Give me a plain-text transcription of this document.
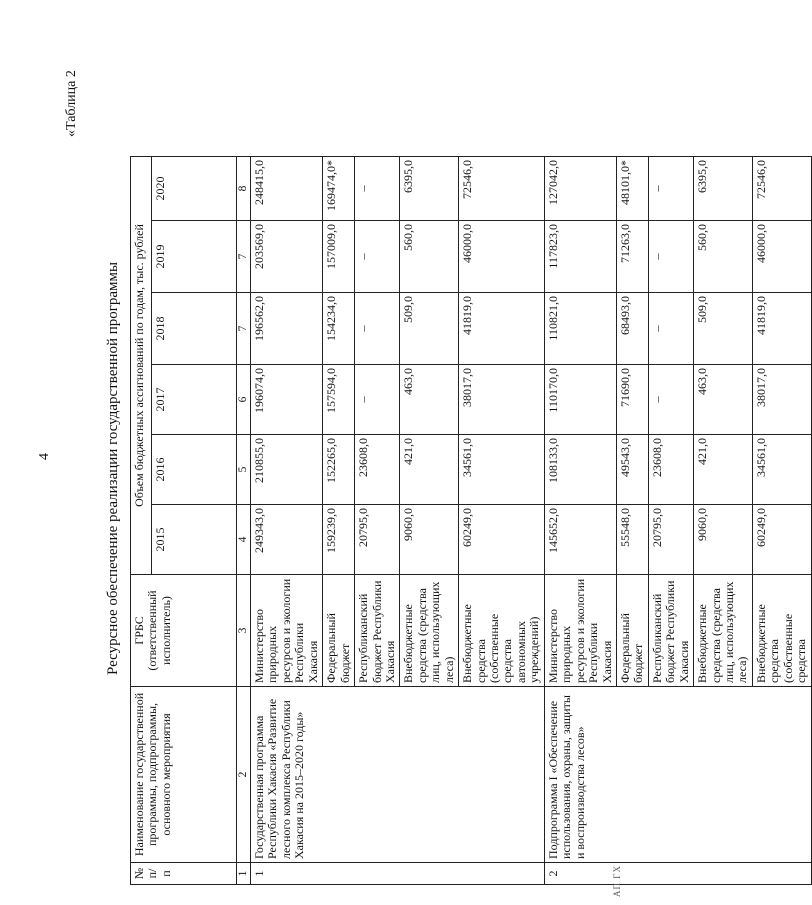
4
«Таблица 2
Ресурсное обеспечение реализации государственной программы
№ п/п	Наименование государственной программы, подпрограммы, основного мероприятия	ГРБС (ответственный исполнитель)	Объем бюджетных ассигнований по годам, тыс. рублей					
			2015	2016	2017	2018	2019	2020
1	2	3	4	5	6	7	7	8
1	Государственная программа Республики Хакасия «Развитие лесного комплекса Республики Хакасия на 2015–2020 годы»	Министерство природных ресурсов и экологии Республики Хакасия	249343,0	210855,0	196074,0	196562,0	203569,0	248415,0
		Федеральный бюджет	159239,0	152265,0	157594,0	154234,0	157009,0	169474,0*
		Республиканский бюджет Республики Хакасия	20795,0	23608,0	–	–	–	–
		Внебюджетные средства (средства лиц, использующих леса)	9060,0	421,0	463,0	509,0	560,0	6395,0
		Внебюджетные средства (собственные средства автономных учреждений)	60249,0	34561,0	38017,0	41819,0	46000,0	72546,0
2	Подпрограмма I «Обеспечение использования, охраны, защиты и воспроизводства лесов»	Министерство природных ресурсов и экологии Республики Хакасия	145652,0	108133,0	110170,0	110821,0	117823,0	127042,0
		Федеральный бюджет	55548,0	49543,0	71690,0	68493,0	71263,0	48101,0*
		Республиканский бюджет Республики Хакасия	20795,0	23608,0	–	–	–	–
		Внебюджетные средства (средства лиц, использующих леса)	9060,0	421,0	463,0	509,0	560,0	6395,0
		Внебюджетные средства (собственные средства	60249,0	34561,0	38017,0	41819,0	46000,0	72546,0
АП ГХ
